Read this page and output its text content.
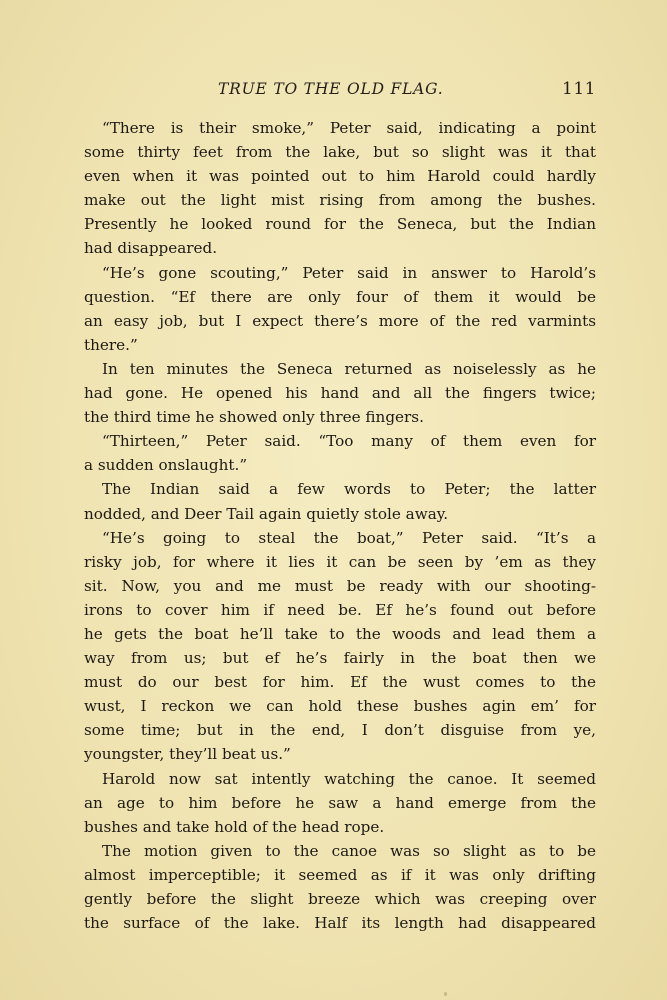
TRUE TO THE OLD FLAG.	111
“There is their smoke,” Peter said, indicating a point
some thirty feet from the lake, but so slight was it that
even when it was pointed out to him Harold could hardly
make out the light mist rising from among the bushes.
Presently he looked round for the Seneca, but the Indian
had disappeared.
“He’s gone scouting,” Peter said in answer to Harold’s
question. “Ef there are only four of them it would be
an easy job, but I expect there’s more of the red varmints
there.”
In ten minutes the Seneca returned as noiselessly as he
had gone. He opened his hand and all the fingers twice;
the third time he showed only three fingers.
“Thirteen,” Peter said. “Too many of them even for
a sudden onslaught.”
The Indian said a few words to Peter; the latter
nodded, and Deer Tail again quietly stole away.
“He’s going to steal the boat,” Peter said. “It’s a
risky job, for where it lies it can be seen by ’em as they
sit. Now, you and me must be ready with our shooting-
irons to cover him if need be. Ef he’s found out before
he gets the boat he’ll take to the woods and lead them a
way from us; but ef he’s fairly in the boat then we
must do our best for him. Ef the wust comes to the
wust, I reckon we can hold these bushes agin em’ for
some time; but in the end, I don’t disguise from ye,
youngster, they’ll beat us.”
Harold now sat intently watching the canoe. It seemed
an age to him before he saw a hand emerge from the
bushes and take hold of the head rope.
The motion given to the canoe was so slight as to be
almost imperceptible; it seemed as if it was only drifting
gently before the slight breeze which was creeping over
the surface of the lake. Half its length had disappeared
